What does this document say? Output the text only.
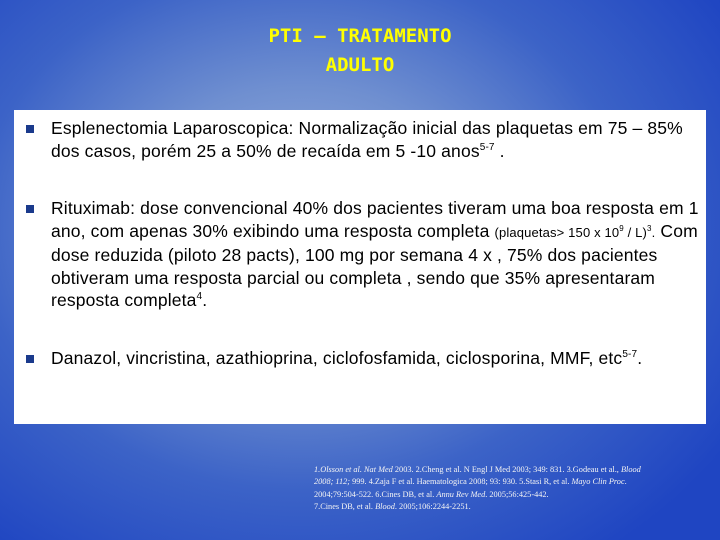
PTI – TRATAMENTO
ADULTO
Esplenectomia Laparoscopica: Normalização inicial das plaquetas em 75 – 85% dos casos, porém 25 a 50% de recaída em 5 -10 anos$^{5-7}$ .
Rituximab: dose convencional 40% dos pacientes tiveram uma boa resposta em 1 ano, com apenas 30% exibindo uma resposta completa (plaquetas> 150 x $10^9 / L)^3$. Com dose reduzida (piloto 28 pacts), 100 mg por semana 4 x , 75% dos pacientes obtiveram uma resposta parcial ou completa , sendo que 35% apresentaram resposta completa$^4$.
Danazol, vincristina, azathioprina, ciclofosfamida, ciclosporina, MMF, etc$^{5-7}$.
1.Olsson et al. Nat Med 2003. 2.Cheng et al. N Engl J Med 2003; 349: 831. 3.Godeau et al., Blood
2008; 112; 999. 4.Zaja F et al. Haematologica 2008; 93: 930. 5.Stasi R, et al. Mayo Clin Proc.
2004;79:504-522. 6.Cines DB, et al. Annu Rev Med. 2005;56:425-442.
7.Cines DB, et al. Blood. 2005;106:2244-2251.
